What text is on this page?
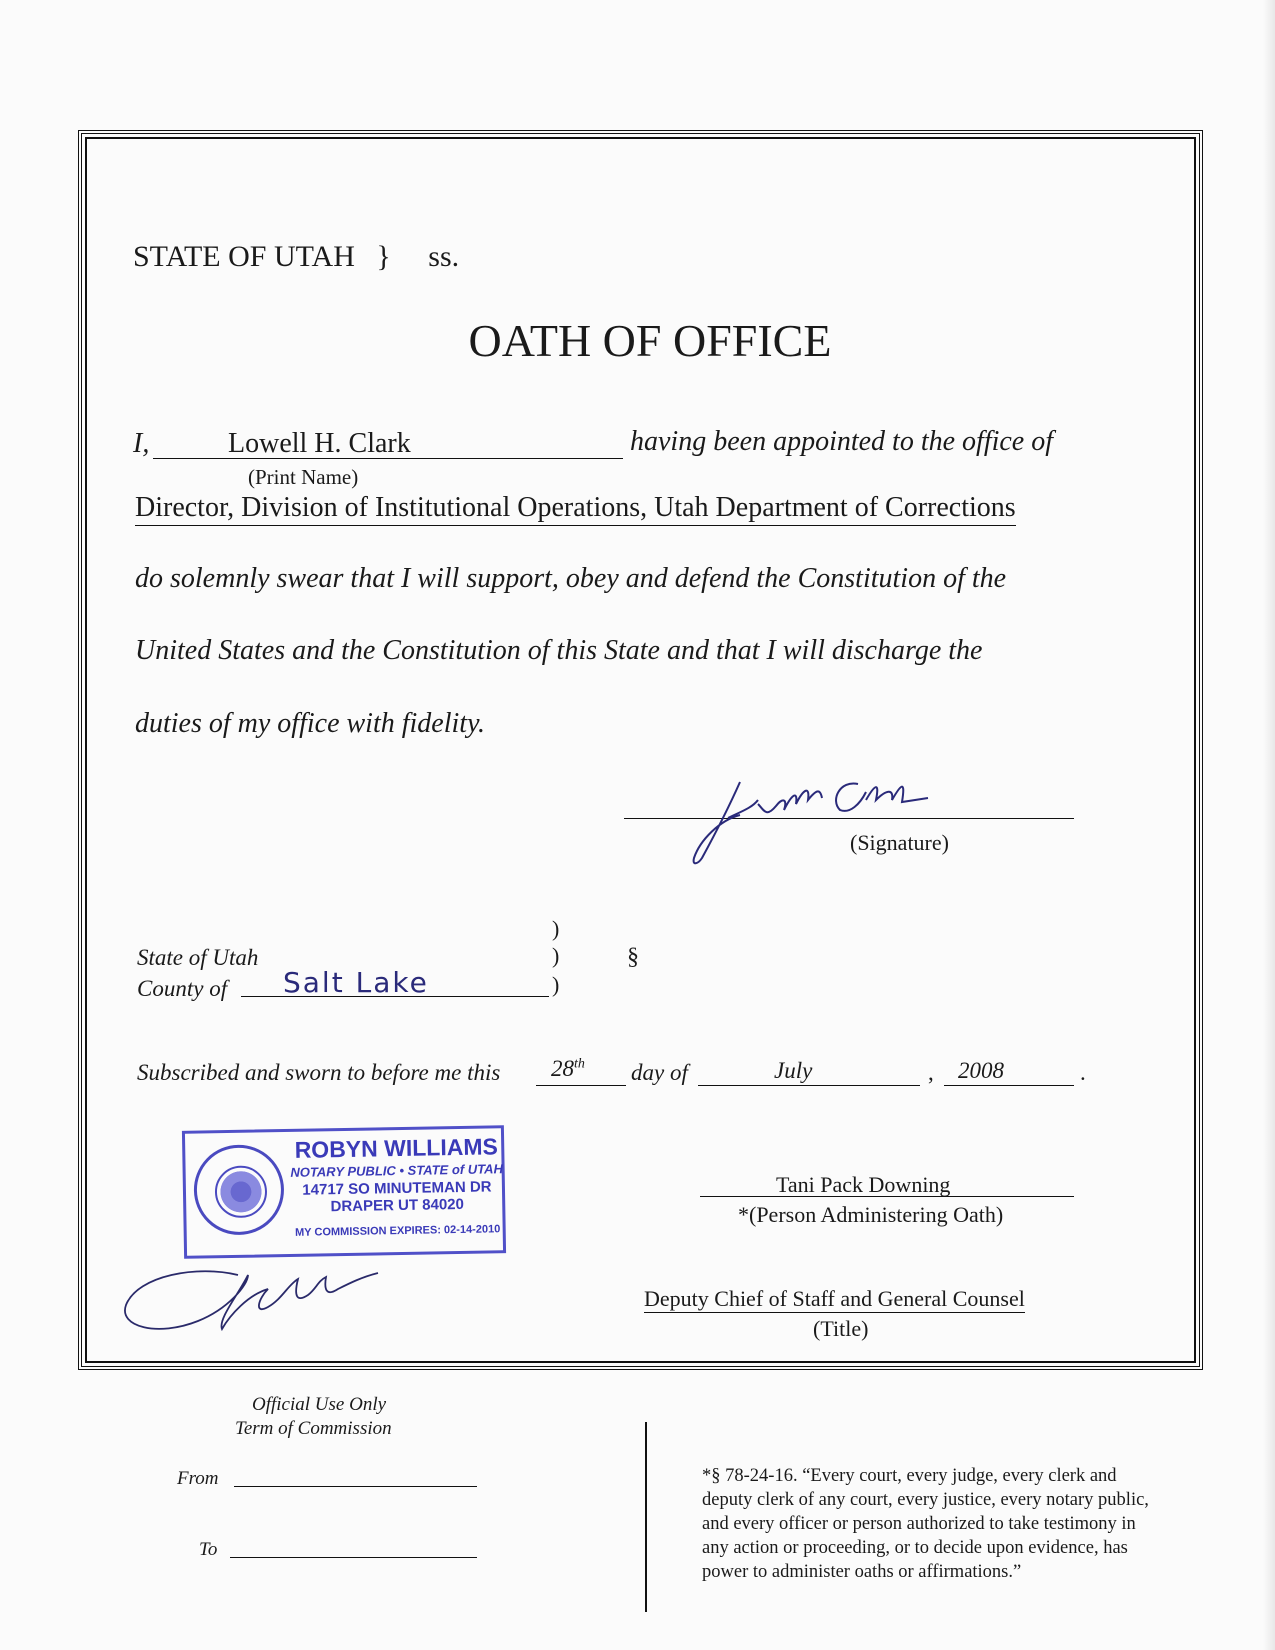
STATE OF UTAH } ss.
OATH OF OFFICE
I,	Lowell H. Clark	having been appointed to the office of
(Print Name)
Director, Division of Institutional Operations, Utah Department of Corrections
do solemnly swear that I will support, obey and defend the Constitution of the
United States and the Constitution of this State and that I will discharge the
duties of my office with fidelity.
(Signature)
)
State of Utah	)	§
County of Salt Lake	)
Subscribed and sworn to before me this 28th day of	July	, 2008	.
ROBYN WILLIAMS
NOTARY PUBLIC • STATE of UTAH
14717 SO MINUTEMAN DR
DRAPER UT 84020
MY COMMISSION EXPIRES: 02-14-2010
Tani Pack Downing
*(Person Administering Oath)
Deputy Chief of Staff and General Counsel
(Title)
Official Use Only
Term of Commission
From
To
*§ 78-24-16. “Every court, every judge, every clerk and
deputy clerk of any court, every justice, every notary public,
and every officer or person authorized to take testimony in
any action or proceeding, or to decide upon evidence, has
power to administer oaths or affirmations.”
